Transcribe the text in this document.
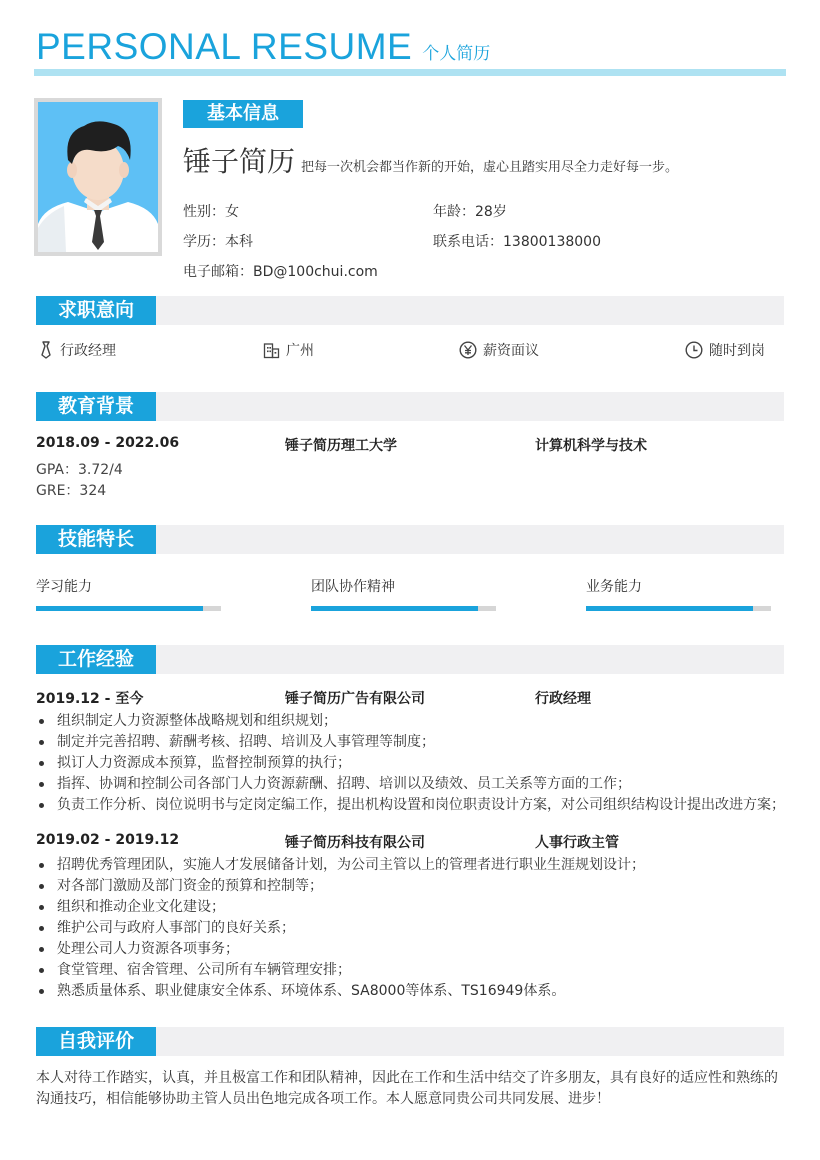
PERSONAL RESUME 个人简历
基本信息
锤子简历 把每一次机会都当作新的开始，虚心且踏实用尽全力走好每一步。
性别：女	年龄：28岁
学历：本科	联系电话：13800138000
电子邮箱：BD@100chui.com
求职意向
行政经理	广州	薪资面议	随时到岗
教育背景
2018.09 - 2022.06	锤子简历理工大学	计算机科学与技术
GPA：3.72/4
GRE：324
技能特长
学习能力	团队协作精神	业务能力
工作经验
2019.12 - 至今	锤子简历广告有限公司	行政经理
组织制定人力资源整体战略规划和组织规划；
制定并完善招聘、薪酬考核、招聘、培训及人事管理等制度；
拟订人力资源成本预算，监督控制预算的执行；
指挥、协调和控制公司各部门人力资源薪酬、招聘、培训以及绩效、员工关系等方面的工作；
负责工作分析、岗位说明书与定岗定编工作，提出机构设置和岗位职责设计方案，对公司组织结构设计提出改进方案；
2019.02 - 2019.12	锤子简历科技有限公司	人事行政主管
招聘优秀管理团队，实施人才发展储备计划，为公司主管以上的管理者进行职业生涯规划设计；
对各部门激励及部门资金的预算和控制等；
组织和推动企业文化建设；
维护公司与政府人事部门的良好关系；
处理公司人力资源各项事务；
食堂管理、宿舍管理、公司所有车辆管理安排；
熟悉质量体系、职业健康安全体系、环境体系、SA8000等体系、TS16949体系。
自我评价
本人对待工作踏实，认真，并且极富工作和团队精神，因此在工作和生活中结交了许多朋友，具有良好的适应性和熟练的沟通技巧，相信能够协助主管人员出色地完成各项工作。本人愿意同贵公司共同发展、进步！
